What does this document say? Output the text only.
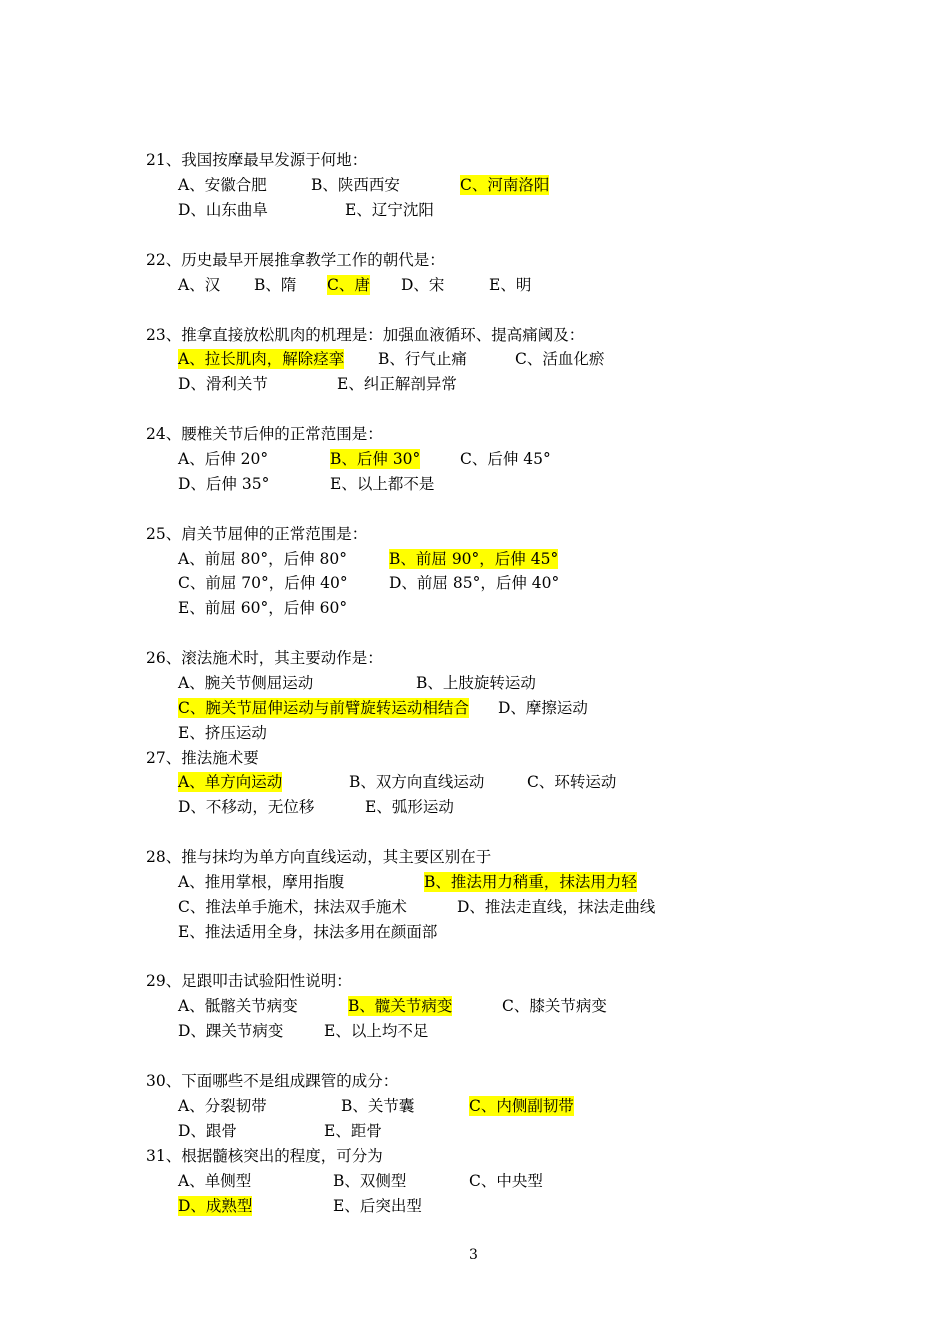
21、我国按摩最早发源于何地：
A、安徽合肥	B、陕西西安	C、河南洛阳
D、山东曲阜	E、辽宁沈阳
22、历史最早开展推拿教学工作的朝代是：
A、汉 B、隋 C、唐 D、宋	E、明
23、推拿直接放松肌肉的机理是：加强血液循环、提高痛阈及：
A、拉长肌肉，解除痉挛 B、行气止痛	C、活血化瘀
D、滑利关节	E、纠正解剖异常
24、腰椎关节后伸的正常范围是：
A、后伸 20°	B、后伸 30°	C、后伸 45°
D、后伸 35°	E、以上都不是
25、肩关节屈伸的正常范围是：
A、前屈 80°，后伸 80°	B、前屈 90°，后伸 45°
C、前屈 70°，后伸 40°	D、前屈 85°，后伸 40°
E、前屈 60°，后伸 60°
26、滚法施术时，其主要动作是：
A、腕关节侧屈运动	B、上肢旋转运动
C、腕关节屈伸运动与前臂旋转运动相结合 D、摩擦运动
E、挤压运动
27、推法施术要
A、单方向运动	B、双方向直线运动	C、环转运动
D、不移动，无位移	E、弧形运动
28、推与抹均为单方向直线运动，其主要区别在于
A、推用掌根，摩用指腹	B、推法用力稍重，抹法用力轻
C、推法单手施术，抹法双手施术	D、推法走直线，抹法走曲线
E、推法适用全身，抹法多用在颜面部
29、足跟叩击试验阳性说明：
A、骶髂关节病变	B、髋关节病变	C、膝关节病变
D、踝关节病变	E、以上均不足
30、下面哪些不是组成踝管的成分：
A、分裂韧带	B、关节囊	C、内侧副韧带
D、跟骨	E、距骨
31、根据髓核突出的程度，可分为
A、单侧型	B、双侧型	C、中央型
D、成熟型	E、后突出型
3
